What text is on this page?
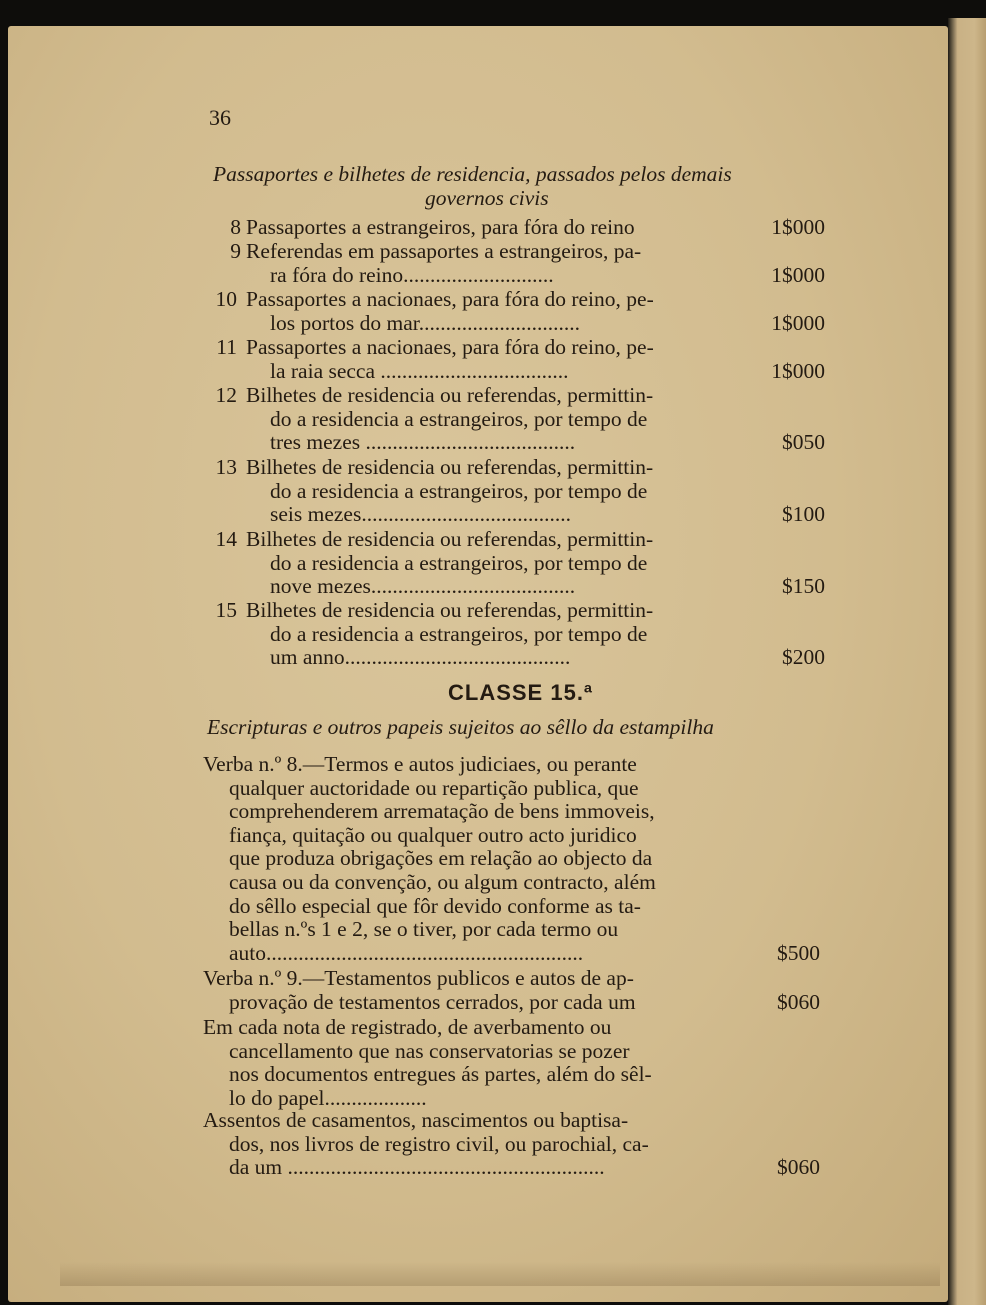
36
Passaportes e bilhetes de residencia, passados pelos demais
governos civis
8 Passaportes a estrangeiros, para fóra do reino	1$000
9 Referendas em passaportes a estrangeiros, pa-
ra fóra do reino............................	1$000
10 Passaportes a nacionaes, para fóra do reino, pe-
los portos do mar..............................	1$000
11 Passaportes a nacionaes, para fóra do reino, pe-
la raia secca ...................................	1$000
12 Bilhetes de residencia ou referendas, permittin-
do a residencia a estrangeiros, por tempo de
tres mezes .......................................	$050
13 Bilhetes de residencia ou referendas, permittin-
do a residencia a estrangeiros, por tempo de
seis mezes.......................................	$100
14 Bilhetes de residencia ou referendas, permittin-
do a residencia a estrangeiros, por tempo de
nove mezes......................................	$150
15 Bilhetes de residencia ou referendas, permittin-
do a residencia a estrangeiros, por tempo de
um anno..........................................	$200
CLASSE 15.ª
Escripturas e outros papeis sujeitos ao sêllo da estampilha
Verba n.º 8.—Termos e autos judiciaes, ou perante
qualquer auctoridade ou repartição publica, que
comprehenderem arrematação de bens immoveis,
fiança, quitação ou qualquer outro acto juridico
que produza obrigações em relação ao objecto da
causa ou da convenção, ou algum contracto, além
do sêllo especial que fôr devido conforme as ta-
bellas n.ºs 1 e 2, se o tiver, por cada termo ou
auto...........................................................	$500
Verba n.º 9.—Testamentos publicos e autos de ap-
provação de testamentos cerrados, por cada um	$060
Em cada nota de registrado, de averbamento ou
cancellamento que nas conservatorias se pozer
nos documentos entregues ás partes, além do sêl-
lo do papel...................
Assentos de casamentos, nascimentos ou baptisa-
dos, nos livros de registro civil, ou parochial, ca-
da um ...........................................................	$060
